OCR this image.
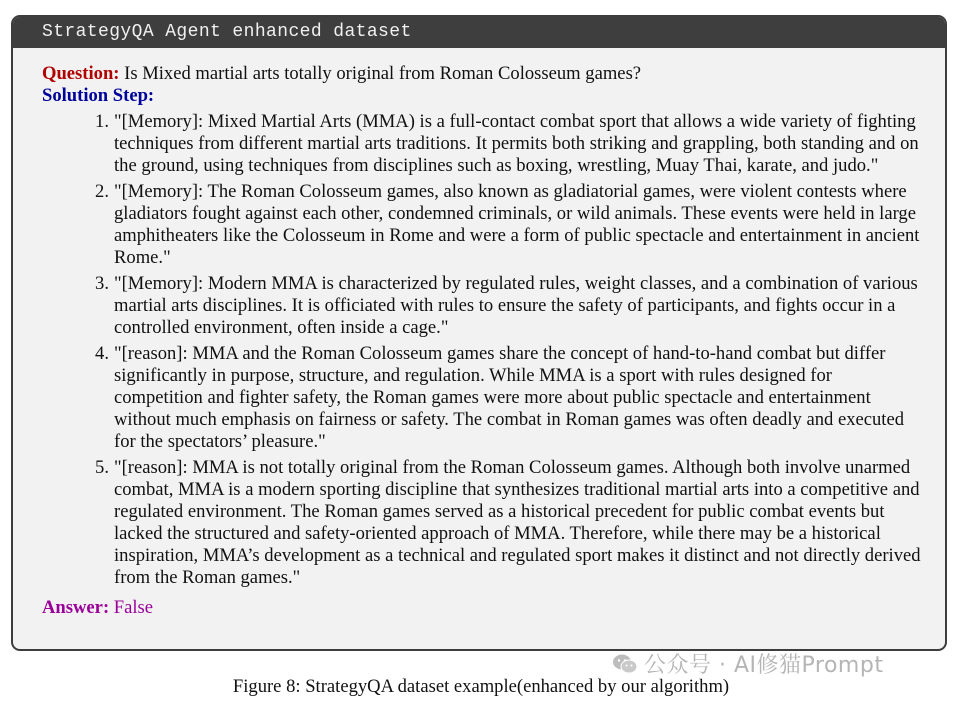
StrategyQA Agent enhanced dataset
Question: Is Mixed martial arts totally original from Roman Colosseum games?
Solution Step:
1. "[Memory]: Mixed Martial Arts (MMA) is a full-contact combat sport that allows a wide variety of fighting techniques from different martial arts traditions. It permits both striking and grappling, both standing and on the ground, using techniques from disciplines such as boxing, wrestling, Muay Thai, karate, and judo."
2. "[Memory]: The Roman Colosseum games, also known as gladiatorial games, were violent contests where gladiators fought against each other, condemned criminals, or wild animals. These events were held in large amphitheaters like the Colosseum in Rome and were a form of public spectacle and entertainment in ancient Rome."
3. "[Memory]: Modern MMA is characterized by regulated rules, weight classes, and a combination of various martial arts disciplines. It is officiated with rules to ensure the safety of participants, and fights occur in a controlled environment, often inside a cage."
4. "[reason]: MMA and the Roman Colosseum games share the concept of hand-to-hand combat but differ significantly in purpose, structure, and regulation. While MMA is a sport with rules designed for competition and fighter safety, the Roman games were more about public spectacle and entertainment without much emphasis on fairness or safety. The combat in Roman games was often deadly and executed for the spectators’ pleasure."
5. "[reason]: MMA is not totally original from the Roman Colosseum games. Although both involve unarmed combat, MMA is a modern sporting discipline that synthesizes traditional martial arts into a competitive and regulated environment. The Roman games served as a historical precedent for public combat events but lacked the structured and safety-oriented approach of MMA. Therefore, while there may be a historical inspiration, MMA’s development as a technical and regulated sport makes it distinct and not directly derived from the Roman games."
Answer: False
公众号 · AI修猫Prompt
Figure 8: StrategyQA dataset example(enhanced by our algorithm)
